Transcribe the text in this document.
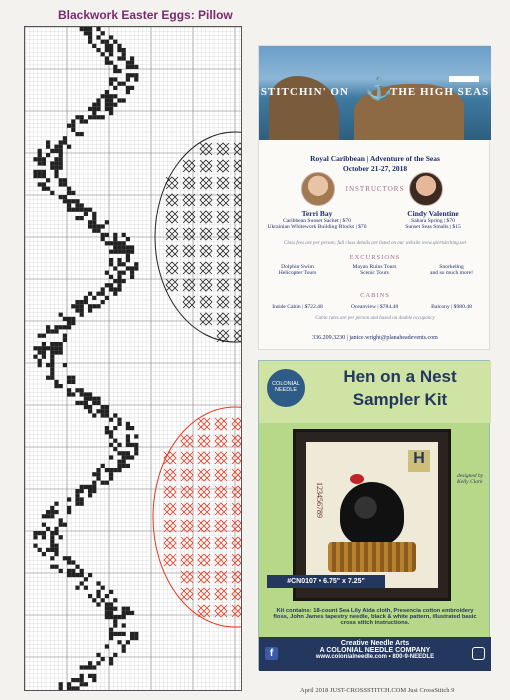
Blackwork Easter Eggs: Pillow
STITCHIN' ON	THE HIGH SEAS
⚓
Royal Caribbean | Adventure of the Seas
October 21-27, 2018
INSTRUCTORS
Terri Bay
Caribbean Sunset Sachet | $70
Ukrainian Whitework Building Blocks | $70
Cindy Valentine
Sahara Spring | $70
Sunset Seas Smalls | $15
Class fees are per person; full class details are listed on our website www.sportsitching.net
EXCURSIONS
Dolphin Swim
Helicopter Tours
Mayan Ruins Tours
Scenic Tours
Snorkeling
and so much more!
CABINS
Inside Cabin | $722.48	Oceanview | $784.48	Balcony | $980.48
Cabin rates are per person and based on double occupancy
336.209.3230 | janice.wright@planaheadevents.com
COLONIAL NEEDLE
Hen on a Nest
Sampler Kit
H
123456789
designed by Kelly Clark
#CN0107 • 6.75" x 7.25"
Kit contains: 18-count Sea Lily Aida cloth, Presencia cotton embroidery floss, John James tapestry needle, black & white pattern, illustrated basic cross stitch instructions.
f
Creative Needle Arts
A COLONIAL NEEDLE COMPANY
www.colonialneedle.com • 800-9-NEEDLE
April 2018 JUST-CROSSSTITCH.COM Just CrossStitch 9
